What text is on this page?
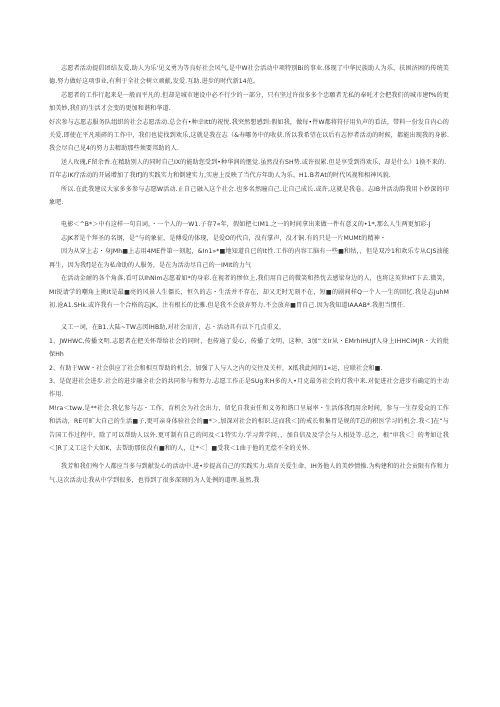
志愿者活动提倡团结友爱,助人为乐'见义勇为等良好社会风气,是中W社会活动中项特别Bi的事业.体现了中华民族助人为乐、扶困济困的传统美德.努力做好这项事业,有利于全社会树立顽献,发爱.互助.进步的时代新14范。

芯愿者的工作行起来是一般而平凡的.但却是城市建设中必不行少的一部分，只有坚过许很多多个忠願者无私的奉吒才会把我们的城市建f%的更加美妙,我们的生活才会变的更加和谐和华道.

好次参与志愿志服务队组织的社会志愿活动.总会有•种幸Itt的祝悦.我突然想感到:假如我，做每•件W都将符仔用负声的看法，带料一份发自内心的关爱,即使在平凡琐碎的工作中，我们也徒找到欢乐,这就是我在志（&寿哪务中的收获.所以我希望在以后有志停者活动的时候，都能出现我的身影.我会尽自己见4的努力去精助那些须要邦助的人.

送人玫瑰,F留余香.在精助别人的同时自己IX的能助您受到•种华润的惬觉.虽然没有SH势.或许很累.但是享受到得欢乐，却是什么）1换不来的.

百年志IK疗活动的开展增加了我If]的实践实力和倒建实力,实唐上反映了当代方年助人为乐、H1.B者At的时代风视和相神风貌.

所以.在此我建议大家多多参与志愿W活动.止自己融入这个社会.也多名然瞳自己.让自己成长.或许,这就是我卷。志IB井活动韵我用卜妙深的印象吧.

电影＜^B*＞中有这样一句自词，・一个人的一W1.子存7«年，假如把七IM1.之一的时间拿出来做一件有意义的•1*,那么人生两更加彩-J

志JK者是个拜圣的名钢，是“与的象征，是傅爱的体现，是爱O的代自，没有掌声，没才铜.有的只是一片MUMt的精神・

因为从穿上志・身JMh■上志用4ME件第一刻起，&In1»*■地知道自已的It性.工作的内容工脑有一些■和牯，，但是双冷1和欢乐专从CJS油能再生，因为我f]是在为私命助的人服务，是在为活动尽自己的一IMIt的力气

在活动金耐的各个角落,看可以IhNIm志愿着如*的身彩.在视者的惨位上,我们用自己的微笑和热忱去感梁身边的人，也将这英世HT卞去.微笑，MI锐请学的嘲角上挑It是最■亮的风景人生僵长，恒久的志・生活并不存在，却又无时无刻不在，短■的剧间样Q一个人一生的回忆.我是志JuhM初.沧A1.SHk.或许我有一个合格的忘JK，注有根长的比雅.但是我不会放弃努力.不会放弃■胃自己.因为我知道IAAAB*.我胆当惯任.

义工一词，在B1.大陆~TW志闵IHB助,对社会而言，志・活动具有以下几点重义，

1、JWHWC,传播文明.志愿者在把关怀帮给社会的同时，也传通了爱心，传播了文明，这种，3加“文Ir从・EMrhIHUJf人身上IHHCiMJR・大的批保Hh

2、有助于WW・社会供应了社会和相互帮助的机会，加强了人与人之内的交往及关杆，X抵我此间的1«运，应联社会和■.

3、是促进社会进步.社会的进步融全社会的共同参与和努力.志愿工作正是SUg来H多的人•月克最务社会的灯我中来.对促进社会进步有确定的主动作用.

M!ra＜tww,是**社会.我亿参与志・工作，育机会为社会出力，留忆自我贡任和义务和谐口呈展率・生活体我f]用余时间，参与一生存爱众的工作和活动，RE可旷大自己的生活■子,更可亲身体验社会的■*＞,加深对社会的相识.这而我＜]的戒长和集胃是规的T总的积医学习的机会.我＜]在“与告国工作过程中，除了可以帮助人以外.更可制有自己的问及＜1特实力.学习普学问，，加自信及及学会与人相处等.总之，根“审我＜］的考如让我＜]R了义工这个大如K，去帮助那依没有■和的人，让*＜］■受我＜1曲于他的无偿不全的关怀.

我芳和我们殉个人都应当多与到献发心的活动中.进•步提高自己的实践实力.培育关爱生命，IH务他人的美妙情操.为构建和的社会贡限有作和力气.这次活动让我从中学到很多，也得到了很多深刻的为人处例的道理.虽然,我
